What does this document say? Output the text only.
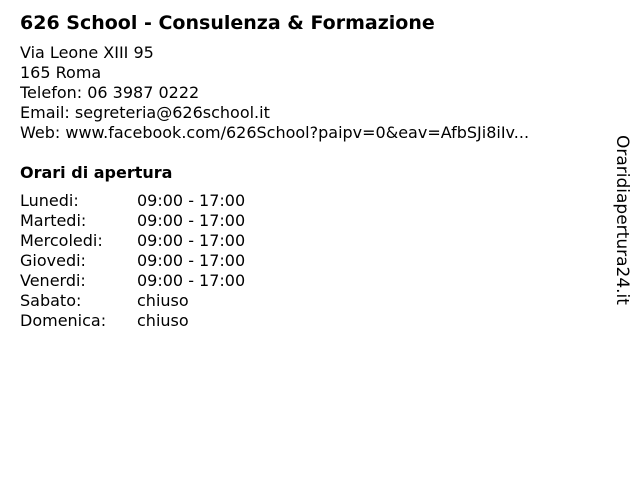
626 School - Consulenza & Formazione
Via Leone XIII 95
165 Roma
Telefon: 06 3987 0222
Email: segreteria@626school.it
Web: www.facebook.com/626School?paipv=0&eav=AfbSJi8iIv...
Orari di apertura
Lunedi:	09:00 - 17:00
Martedi:	09:00 - 17:00
Mercoledi:	09:00 - 17:00
Giovedi:	09:00 - 17:00
Venerdi:	09:00 - 17:00
Sabato:	chiuso
Domenica:	chiuso
Oraridiapertura24.it
